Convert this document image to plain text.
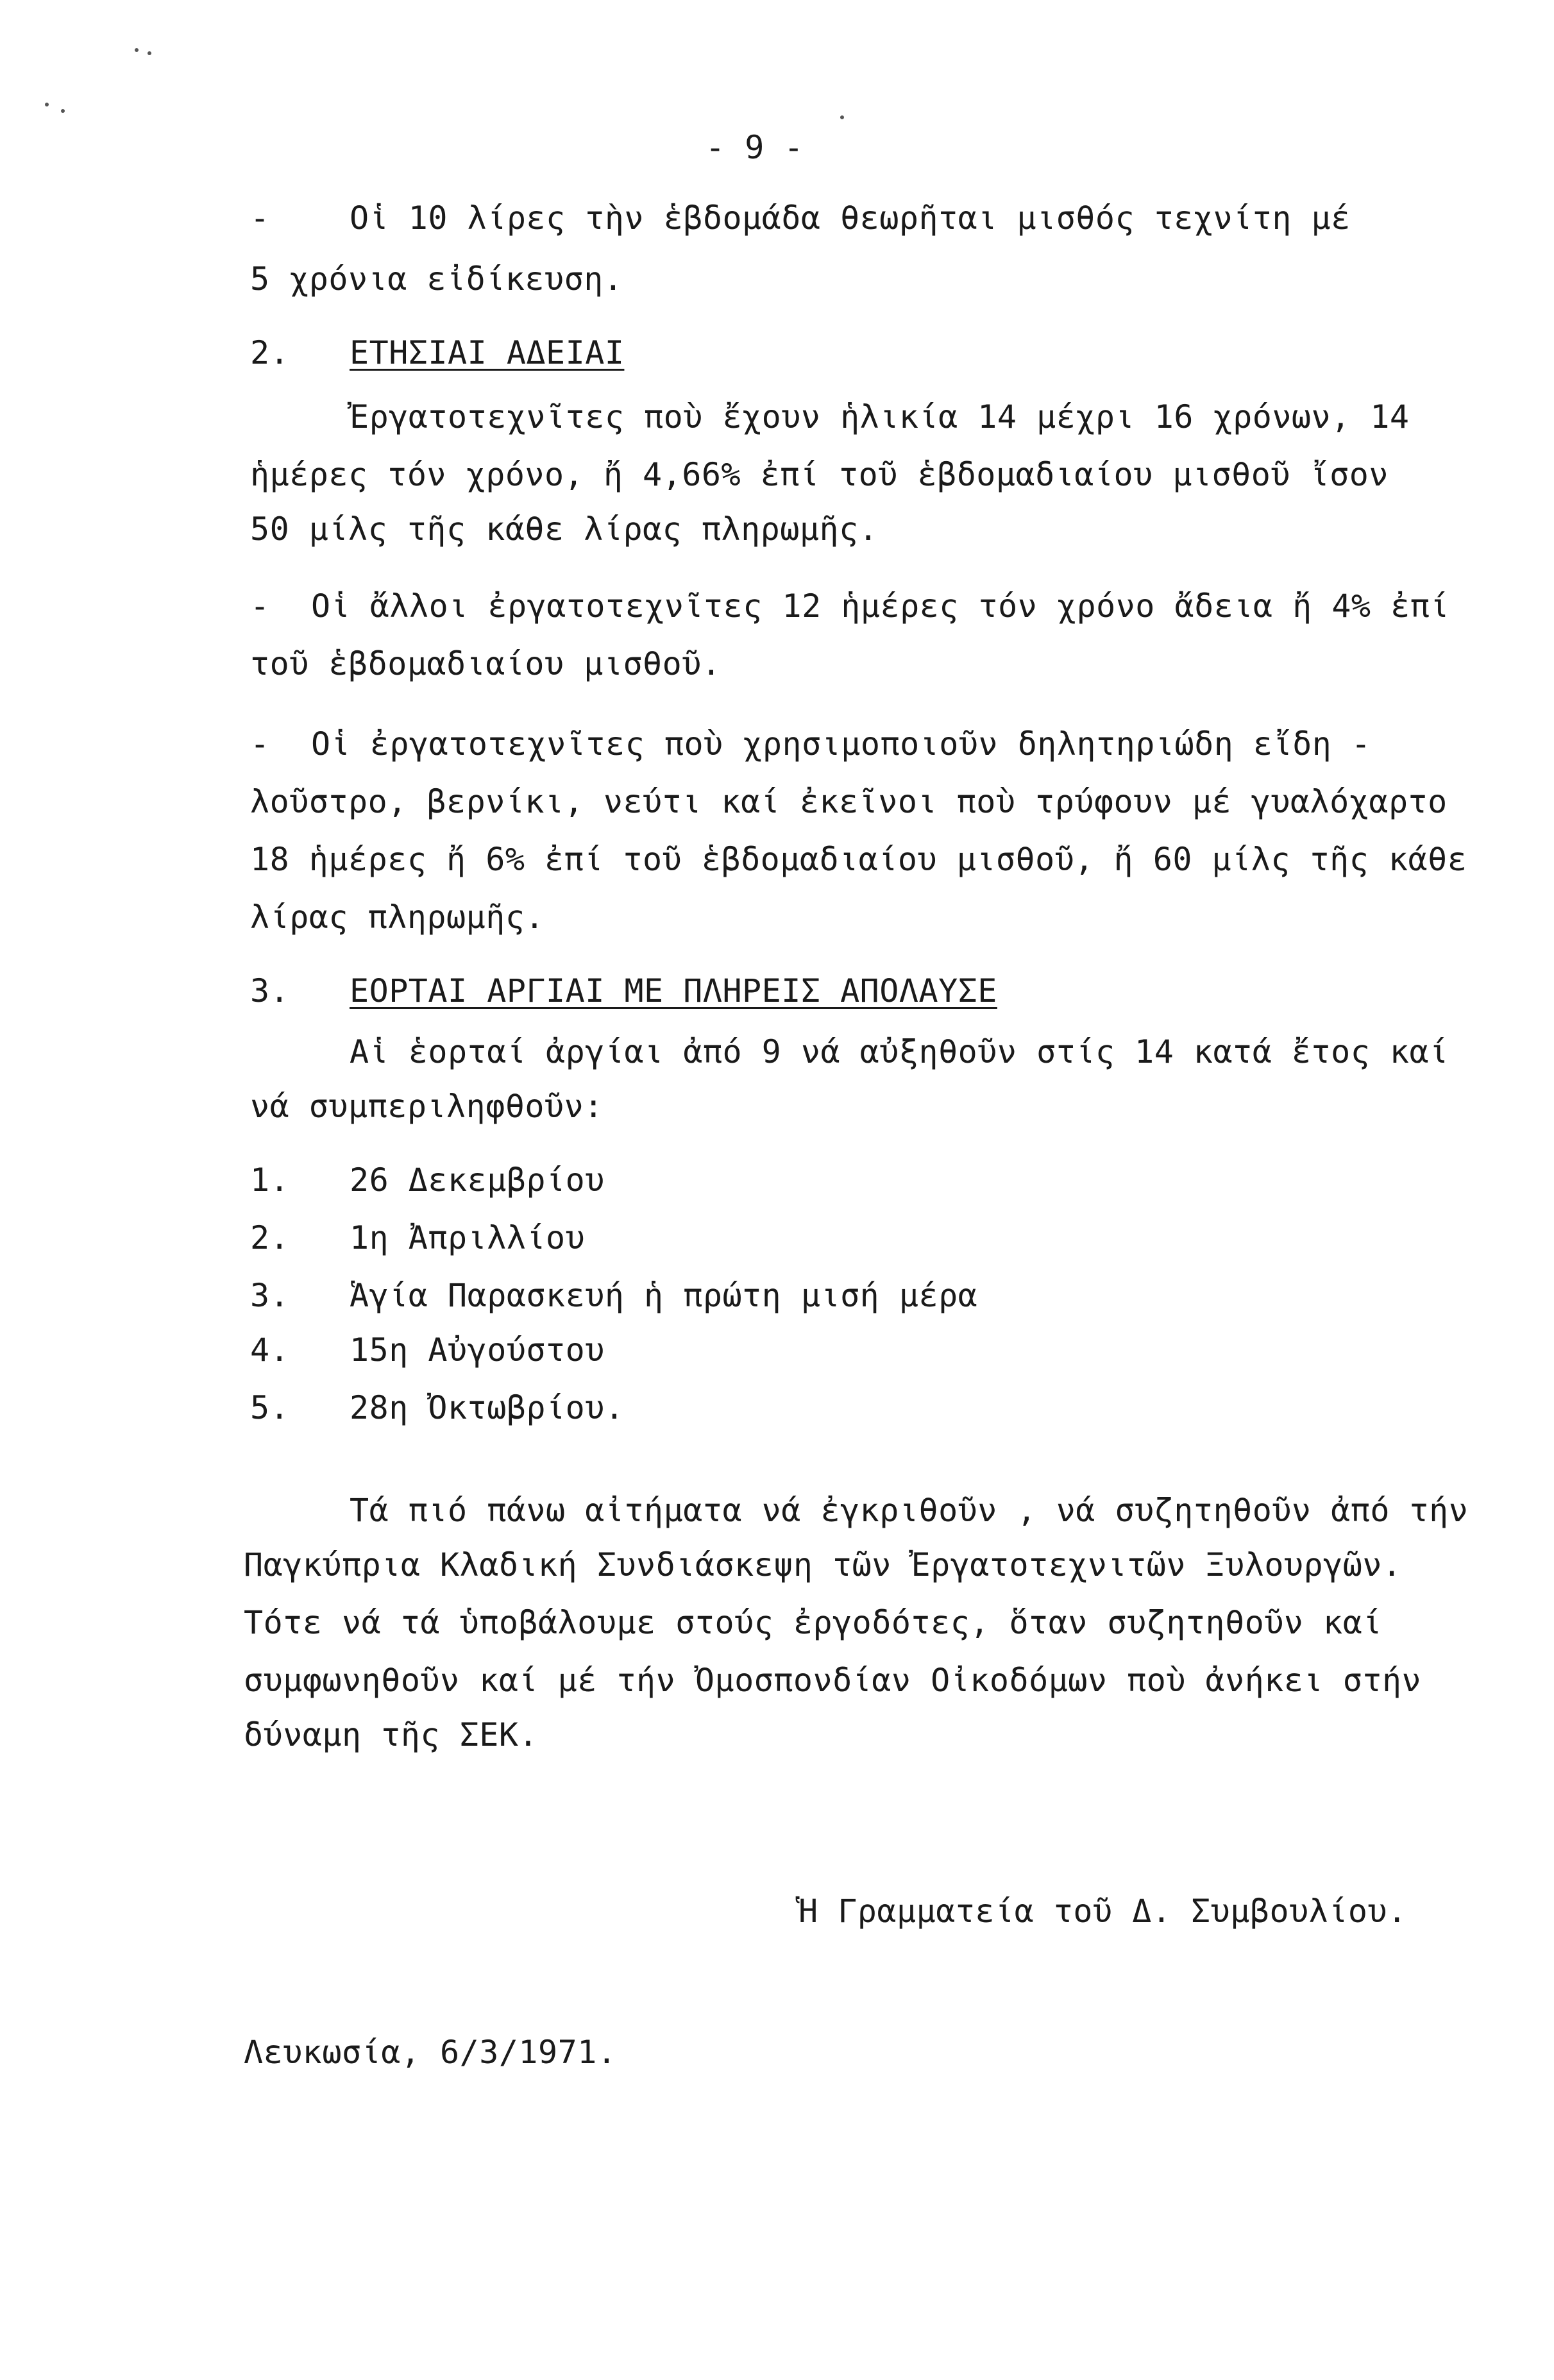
- 9 -
- Οἱ 10 λίρες τὴν ἑβδομάδα θεωρῆται μισθός τεχνίτη μέ
5 χρόνια εἰδίκευση.
2. ΕΤΗΣΙΑΙ ΑΔΕΙΑΙ
Ἐργατοτεχνῖτες ποὺ ἔχουν ἡλικία 14 μέχρι 16 χρόνων, 14
ἡμέρες τόν χρόνο, ἤ 4,66% ἐπί τοῦ ἑβδομαδιαίου μισθοῦ ἴσον
50 μίλς τῆς κάθε λίρας πληρωμῆς.
- Οἱ ἄλλοι ἐργατοτεχνῖτες 12 ἡμέρες τόν χρόνο ἄδεια ἤ 4% ἐπί
τοῦ ἑβδομαδιαίου μισθοῦ.
- Οἱ ἐργατοτεχνῖτες ποὺ χρησιμοποιοῦν δηλητηριώδη εἴδη -
λοῦστρο, βερνίκι, νεύτι καί ἐκεῖνοι ποὺ τρύφουν μέ γυαλόχαρτο
18 ἡμέρες ἤ 6% ἐπί τοῦ ἑβδομαδιαίου μισθοῦ, ἤ 60 μίλς τῆς κάθε
λίρας πληρωμῆς.
3. ΕΟΡΤΑΙ ΑΡΓΙΑΙ ΜΕ ΠΛΗΡΕΙΣ ΑΠΟΛΑΥΣΕ
Αἱ ἑορταί ἀργίαι ἀπό 9 νά αὐξηθοῦν στίς 14 κατά ἔτος καί
νά συμπεριληφθοῦν:
1. 26 Δεκεμβρίου
2. 1η Ἀπριλλίου
3. Ἁγία Παρασκευή ἡ πρώτη μισή μέρα
4. 15η Αὐγούστου
5. 28η Ὀκτωβρίου.
Τά πιό πάνω αἰτήματα νά ἐγκριθοῦν , νά συζητηθοῦν ἀπό τήν
Παγκύπρια Κλαδική Συνδιάσκεψη τῶν Ἐργατοτεχνιτῶν Ξυλουργῶν.
Τότε νά τά ὑποβάλουμε στούς ἐργοδότες, ὅταν συζητηθοῦν καί
συμφωνηθοῦν καί μέ τήν Ὀμοσπονδίαν Οἰκοδόμων ποὺ ἀνήκει στήν
δύναμη τῆς ΣΕΚ.
Ἡ Γραμματεία τοῦ Δ. Συμβουλίου.
Λευκωσία, 6/3/1971.
